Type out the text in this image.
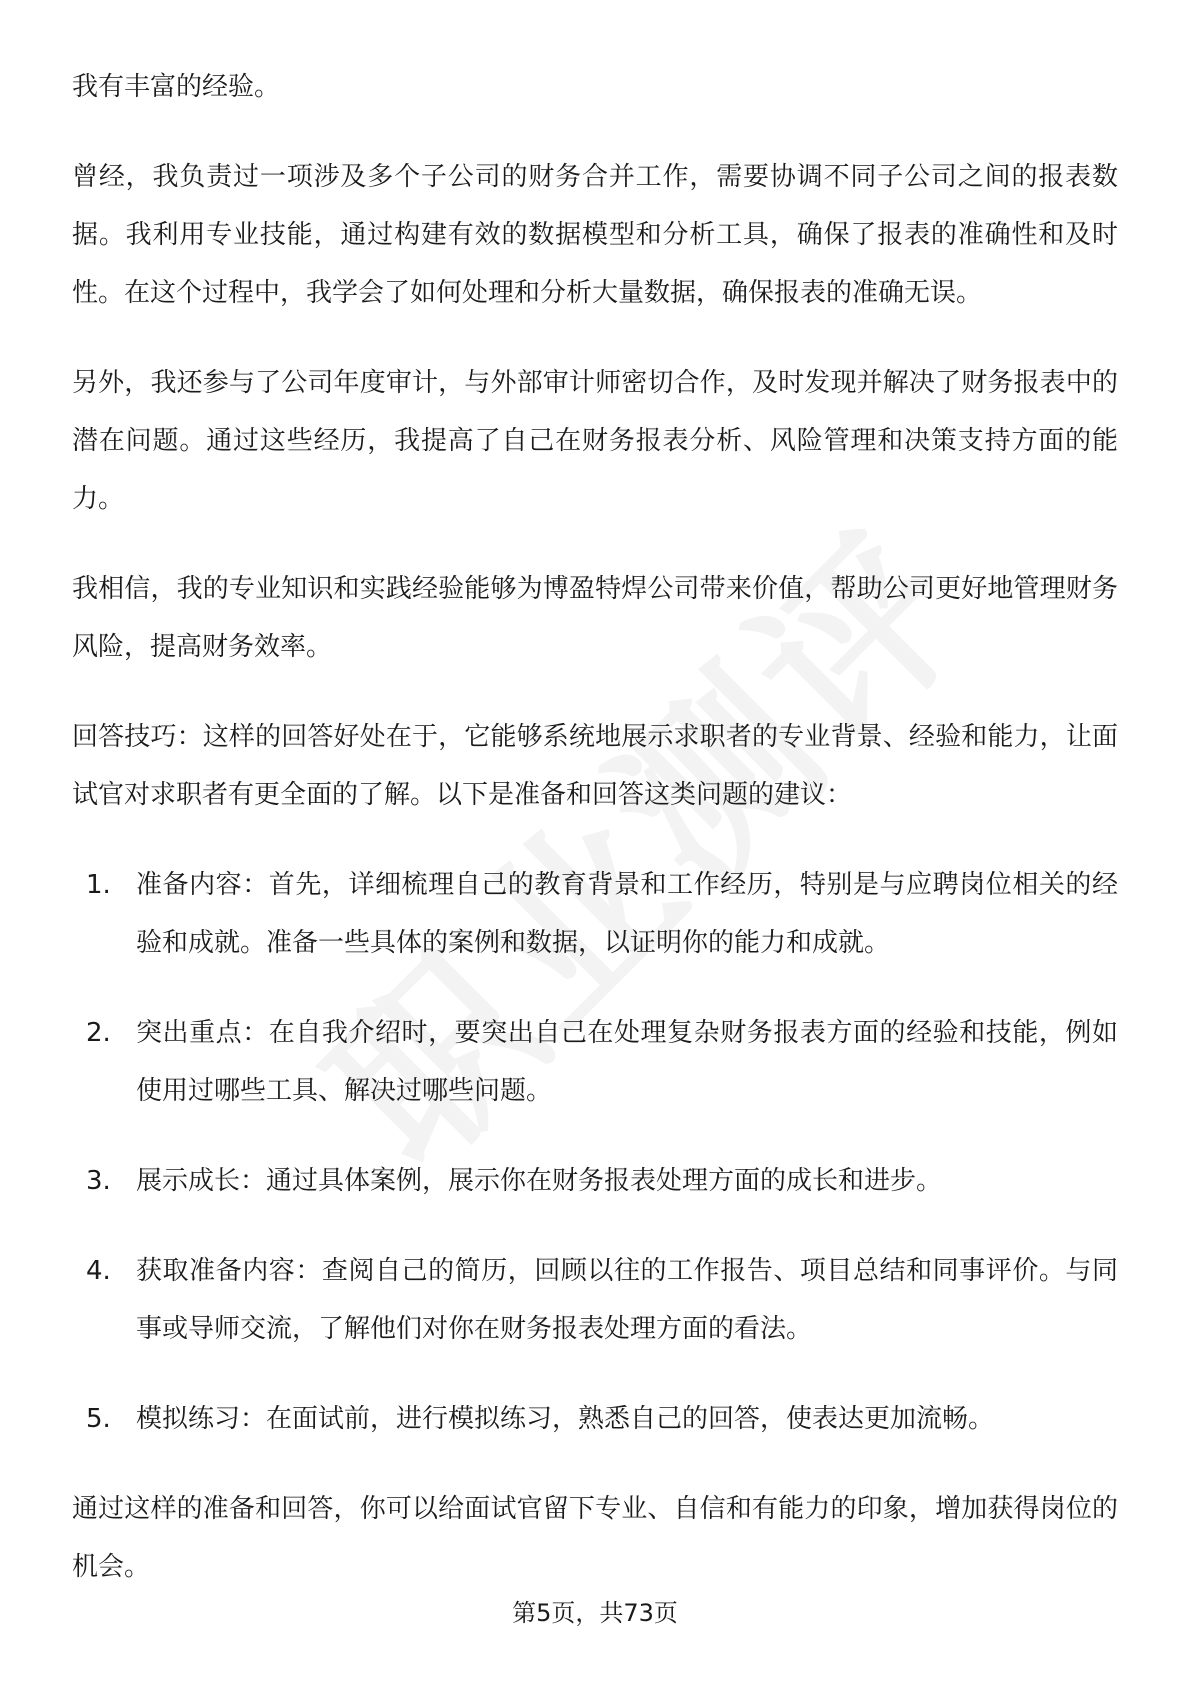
我有丰富的经验。

曾经，我负责过一项涉及多个子公司的财务合并工作，需要协调不同子公司之间的报表数据。我利用专业技能，通过构建有效的数据模型和分析工具，确保了报表的准确性和及时性。在这个过程中，我学会了如何处理和分析大量数据，确保报表的准确无误。

另外，我还参与了公司年度审计，与外部审计师密切合作，及时发现并解决了财务报表中的潜在问题。通过这些经历，我提高了自己在财务报表分析、风险管理和决策支持方面的能力。

我相信，我的专业知识和实践经验能够为博盈特焊公司带来价值，帮助公司更好地管理财务风险，提高财务效率。

回答技巧：这样的回答好处在于，它能够系统地展示求职者的专业背景、经验和能力，让面试官对求职者有更全面的了解。以下是准备和回答这类问题的建议：

1. 准备内容：首先，详细梳理自己的教育背景和工作经历，特别是与应聘岗位相关的经验和成就。准备一些具体的案例和数据，以证明你的能力和成就。
2. 突出重点：在自我介绍时，要突出自己在处理复杂财务报表方面的经验和技能，例如使用过哪些工具、解决过哪些问题。
3. 展示成长：通过具体案例，展示你在财务报表处理方面的成长和进步。
4. 获取准备内容：查阅自己的简历，回顾以往的工作报告、项目总结和同事评价。与同事或导师交流，了解他们对你在财务报表处理方面的看法。
5. 模拟练习：在面试前，进行模拟练习，熟悉自己的回答，使表达更加流畅。

通过这样的准备和回答，你可以给面试官留下专业、自信和有能力的印象，增加获得岗位的机会。

第5页，共73页
